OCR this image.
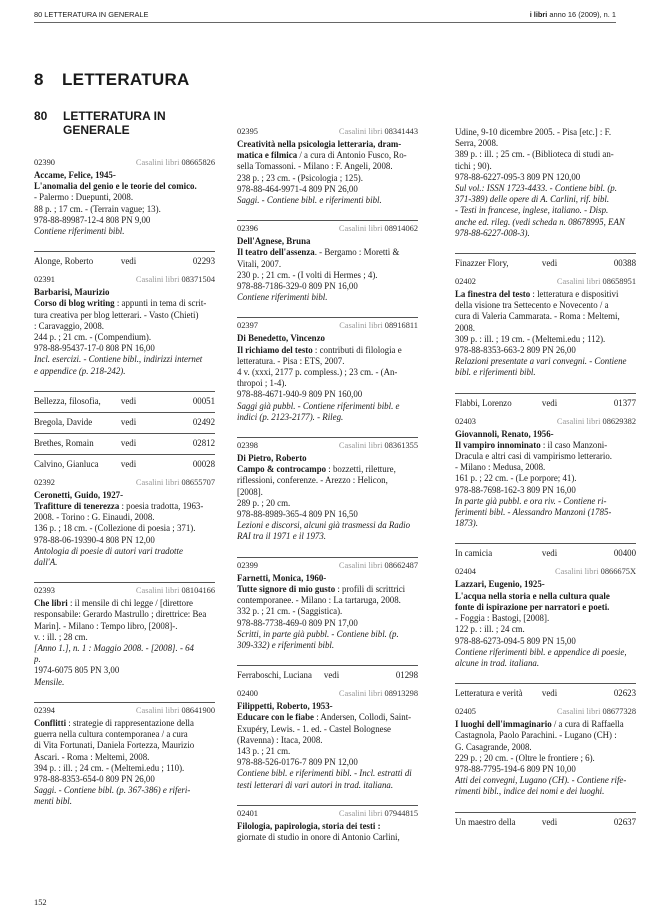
80 LETTERATURA IN GENERALE	i libri anno 16 (2009), n. 1
8 LETTERATURA
80 LETTERATURA IN
GENERALE
02390	Casalini libri 08665826
Accame, Felice, 1945-
L'anomalia del genio e le teorie del comico.
- Palermo : Duepunti, 2008.
88 p. ; 17 cm. - (Terrain vague; 13).
978-88-89987-12-4 808 PN 9,00
Contiene riferimenti bibl.
Alonge, Roberto	vedi	02293
02391	Casalini libri 08371504
Barbarisi, Maurizio
Corso di blog writing : appunti in tema di scrit-
tura creativa per blog letterari. - Vasto (Chieti)
: Caravaggio, 2008.
244 p. ; 21 cm. - (Compendium).
978-88-95437-17-0 808 PN 16,00
Incl. esercizi. - Contiene bibl., indirizzi internet
e appendice (p. 218-242).
Bellezza, filosofia, vedi	00051
Bregola, Davide	vedi	02492
Brethes, Romain	vedi	02812
Calvino, Gianluca	vedi	00028
02392	Casalini libri 08655707
Ceronetti, Guido, 1927-
Trafitture di tenerezza : poesia tradotta, 1963-
2008. - Torino : G. Einaudi, 2008.
136 p. ; 18 cm. - (Collezione di poesia ; 371).
978-88-06-19390-4 808 PN 12,00
Antologia di poesie di autori vari tradotte
dall'A.
02393	Casalini libri 08104166
Che libri : il mensile di chi legge / [direttore
responsabile: Gerardo Mastrullo ; direttrice: Bea
Marin]. - Milano : Tempo libro, [2008]-.
v. : ill. ; 28 cm.
[Anno 1.], n. 1 : Maggio 2008. - [2008]. - 64
p.
1974-6075 805 PN 3,00
Mensile.
02394	Casalini libri 08641900
Conflitti : strategie di rappresentazione della
guerra nella cultura contemporanea / a cura
di Vita Fortunati, Daniela Fortezza, Maurizio
Ascari. - Roma : Meltemi, 2008.
394 p. : ill. ; 24 cm. - (Meltemi.edu ; 110).
978-88-8353-654-0 809 PN 26,00
Saggi. - Contiene bibl. (p. 367-386) e riferi-
menti bibl.
02395	Casalini libri 08341443
Creatività nella psicologia letteraria, dram-
matica e filmica / a cura di Antonio Fusco, Ro-
sella Tomassoni. - Milano : F. Angeli, 2008.
238 p. ; 23 cm. - (Psicologia ; 125).
978-88-464-9971-4 809 PN 26,00
Saggi. - Contiene bibl. e riferimenti bibl.
02396	Casalini libri 08914062
Dell'Agnese, Bruna
Il teatro dell'assenza. - Bergamo : Moretti &
Vitali, 2007.
230 p. ; 21 cm. - (I volti di Hermes ; 4).
978-88-7186-329-0 809 PN 16,00
Contiene riferimenti bibl.
02397	Casalini libri 08916811
Di Benedetto, Vincenzo
Il richiamo del testo : contributi di filologia e
letteratura. - Pisa : ETS, 2007.
4 v. (xxxi, 2177 p. compless.) ; 23 cm. - (An-
thropoi ; 1-4).
978-88-4671-940-9 809 PN 160,00
Saggi già pubbl. - Contiene riferimenti bibl. e
indici (p. 2123-2177). - Rileg.
02398	Casalini libri 08361355
Di Pietro, Roberto
Campo & controcampo : bozzetti, riletture,
riflessioni, conferenze. - Arezzo : Helicon,
[2008].
289 p. ; 20 cm.
978-88-8989-365-4 809 PN 16,50
Lezioni e discorsi, alcuni già trasmessi da Radio
RAI tra il 1971 e il 1973.
02399	Casalini libri 08662487
Farnetti, Monica, 1960-
Tutte signore di mio gusto : profili di scrittrici
contemporanee. - Milano : La tartaruga, 2008.
332 p. ; 21 cm. - (Saggistica).
978-88-7738-469-0 809 PN 17,00
Scritti, in parte già pubbl. - Contiene bibl. (p.
309-332) e riferimenti bibl.
Ferraboschi, Luciana vedi	01298
02400	Casalini libri 08913298
Filippetti, Roberto, 1953-
Educare con le fiabe : Andersen, Collodi, Saint-
Exupéry, Lewis. - 1. ed. - Castel Bolognese
(Ravenna) : Itaca, 2008.
143 p. ; 21 cm.
978-88-526-0176-7 809 PN 12,00
Contiene bibl. e riferimenti bibl. - Incl. estratti di
testi letterari di vari autori in trad. italiana.
02401	Casalini libri 07944815
Filologia, papirologia, storia dei testi :
giornate di studio in onore di Antonio Carlini,
Udine, 9-10 dicembre 2005. - Pisa [etc.] : F.
Serra, 2008.
389 p. : ill. ; 25 cm. - (Biblioteca di studi an-
tichi ; 90).
978-88-6227-095-3 809 PN 120,00
Sul vol.: ISSN 1723-4433. - Contiene bibl. (p.
371-389) delle opere di A. Carlini, rif. bibl.
- Testi in francese, inglese, italiano. - Disp.
anche ed. rileg. (vedi scheda n. 08678995, EAN
978-88-6227-008-3).
Finazzer Flory,	vedi	00388
02402	Casalini libri 08658951
La finestra del testo : letteratura e dispositivi
della visione tra Settecento e Novecento / a
cura di Valeria Cammarata. - Roma : Meltemi,
2008.
309 p. : ill. ; 19 cm. - (Meltemi.edu ; 112).
978-88-8353-663-2 809 PN 26,00
Relazioni presentate a vari convegni. - Contiene
bibl. e riferimenti bibl.
Flabbi, Lorenzo	vedi	01377
02403	Casalini libri 08629382
Giovannoli, Renato, 1956-
Il vampiro innominato : il caso Manzoni-
Dracula e altri casi di vampirismo letterario.
- Milano : Medusa, 2008.
161 p. ; 22 cm. - (Le porpore; 41).
978-88-7698-162-3 809 PN 16,00
In parte già pubbl. e ora riv. - Contiene ri-
ferimenti bibl. - Alessandro Manzoni (1785-
1873).
In camicia	vedi	00400
02404	Casalini libri 0866675X
Lazzari, Eugenio, 1925-
L'acqua nella storia e nella cultura quale
fonte di ispirazione per narratori e poeti.
- Foggia : Bastogi, [2008].
122 p. : ill. ; 24 cm.
978-88-6273-094-5 809 PN 15,00
Contiene riferimenti bibl. e appendice di poesie,
alcune in trad. italiana.
Letteratura e verità vedi	02623
02405	Casalini libri 08677328
I luoghi dell'immaginario / a cura di Raffaella
Castagnola, Paolo Parachini. - Lugano (CH) :
G. Casagrande, 2008.
229 p. ; 20 cm. - (Oltre le frontiere ; 6).
978-88-7795-194-6 809 PN 10,00
Atti dei convegni, Lugano (CH). - Contiene rife-
rimenti bibl., indice dei nomi e dei luoghi.
Un maestro della	vedi	02637
152
